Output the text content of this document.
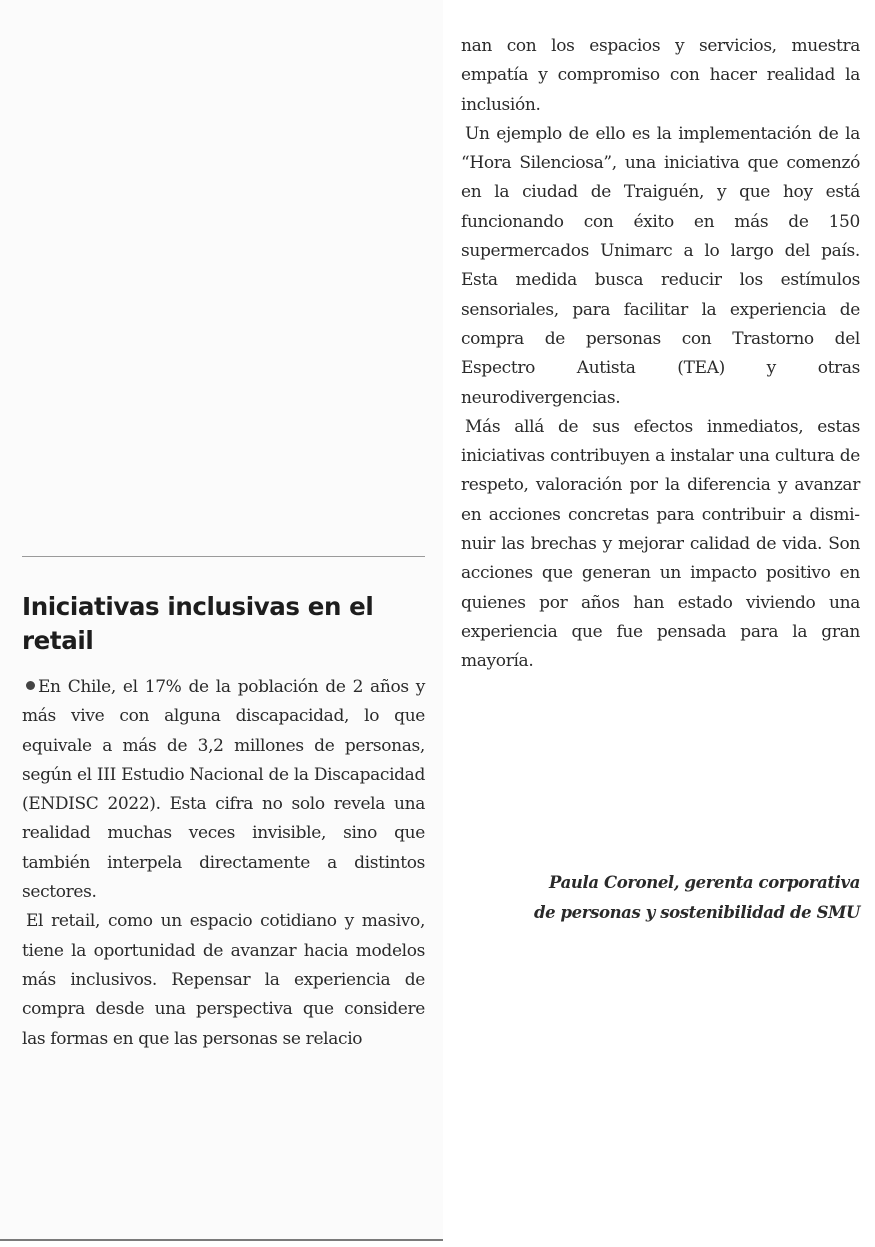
Iniciativas inclusivas en el retail

En Chile, el 17% de la población de 2 años y más vive con alguna discapacidad, lo que equivale a más de 3,2 millones de personas, según el III Estudio Nacional de la Discapacidad (ENDISC 2022). Esta cifra no solo revela una realidad muchas veces invisible, sino que también interpela directamente a distintos sectores.

El retail, como un espacio cotidiano y masivo, tiene la oportunidad de avanzar hacia modelos más inclusivos. Repensar la experiencia de compra desde una perspectiva que considere las formas en que las personas se relacio

nan con los espacios y servicios, muestra empatía y compromiso con hacer realidad la inclusión.

Un ejemplo de ello es la implementación de la “Hora Silenciosa”, una iniciativa que comenzó en la ciudad de Traiguén, y que hoy está funcionando con éxito en más de 150 supermercados Unimarc a lo largo del país. Esta medida busca reducir los estímulos sensoriales, para facilitar la experiencia de compra de personas con Trastorno del Espectro Autista (TEA) y otras neurodivergencias.

Más allá de sus efectos inmediatos, estas iniciativas contribuyen a instalar una cultura de respeto, valoración por la diferencia y avanzar en acciones concretas para contribuir a disminuir las brechas y mejorar calidad de vida. Son acciones que generan un impacto positivo en quienes por años han estado viviendo una experiencia que fue pensada para la gran mayoría.

Paula Coronel, gerenta corporativa
de personas y sostenibilidad de SMU
